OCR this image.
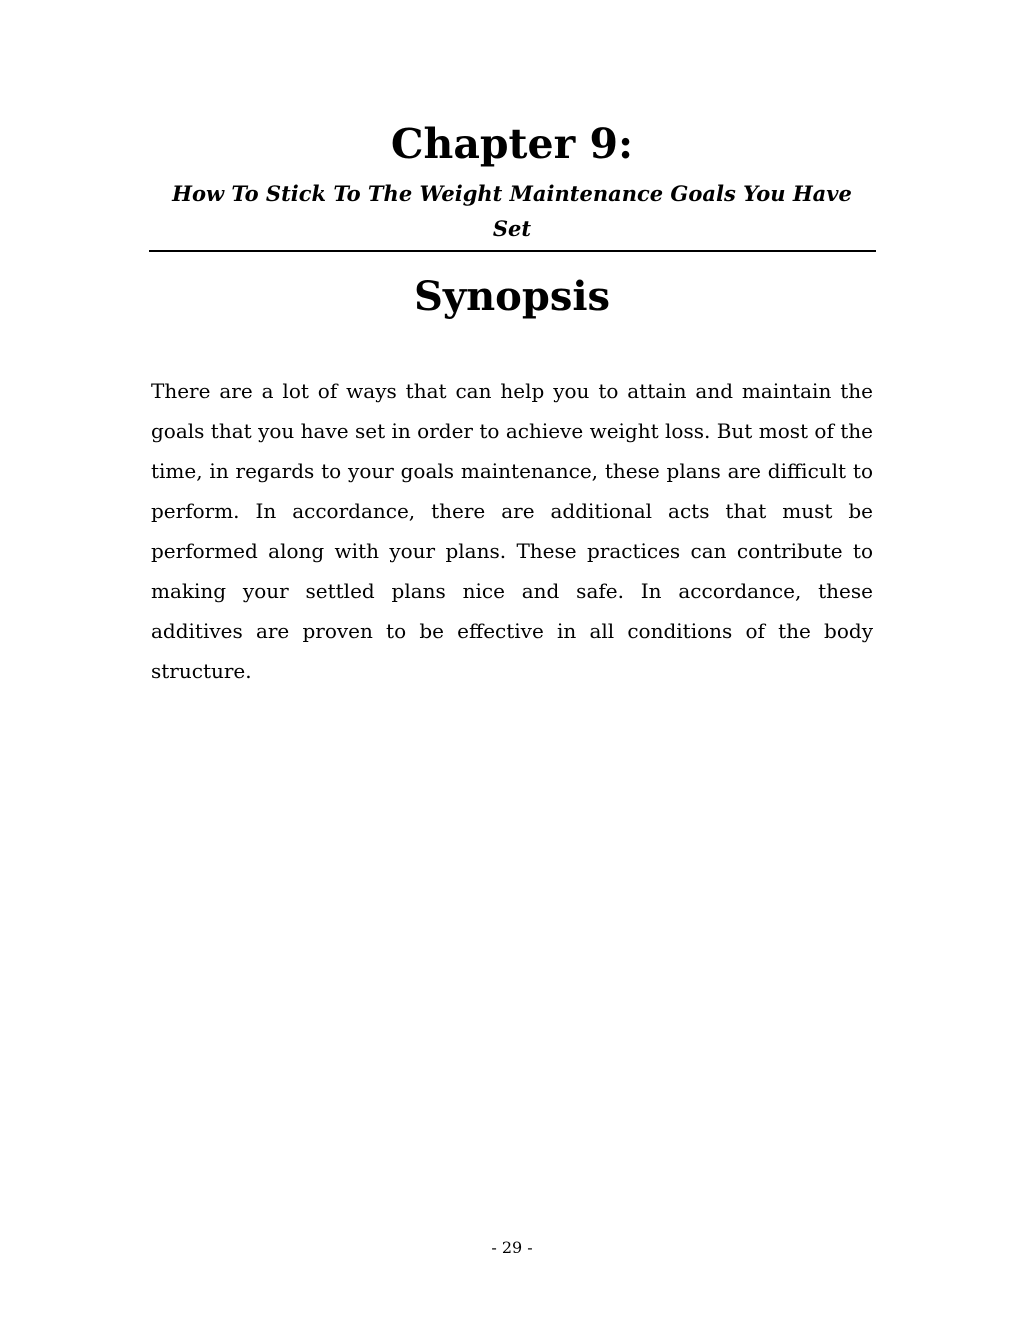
Chapter 9:
How To Stick To The Weight Maintenance Goals You Have Set
Synopsis

There are a lot of ways that can help you to attain and maintain the goals that you have set in order to achieve weight loss. But most of the time, in regards to your goals maintenance, these plans are difficult to perform. In accordance, there are additional acts that must be performed along with your plans. These practices can contribute to making your settled plans nice and safe. In accordance, these additives are proven to be effective in all conditions of the body structure.

- 29 -
